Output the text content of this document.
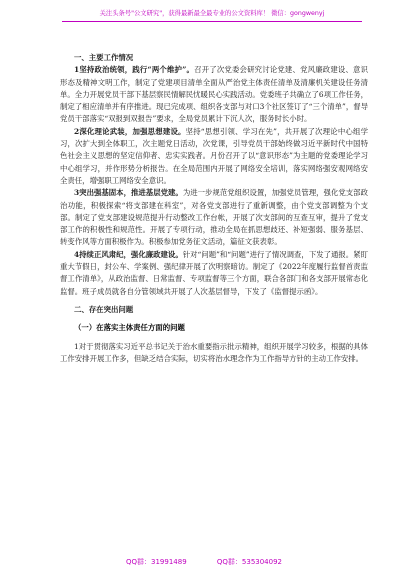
关注头条号"公文研究"，获得最新最全最专业的公文资料库！ 微信：gongwenyj

一、主要工作情况

1坚持政治统领，践行“两个维护”。召开了次党委会研究讨论党建、党风廉政建设、意识形态及精神文明工作，制定了党建项目清单全面从严治党主体责任清单及清廉机关建设任务清单。全力开展党员干部下基层察民情解民忧暖民心实践活动。党委班子共确立了6项工作任务，制定了相应清单并有序推进。现已完成项、组织各支部与对口3个社区签订了“三个清单”，督导党员干部落实“双报到双报告”要求，全局党员累计下沉人次，服务时长小时。

2深化理论武装，加强思想建设。坚持“思想引领、学习在先”，共开展了次理论中心组学习，次扩大到全体职工，次主题党日活动，次党课，引导党员干部始终做习近平新时代中国特色社会主义思想的坚定信仰者、忠实实践者。月份召开了以“意识形态”为主题的党委理论学习中心组学习，并作形势分析报告。在全局范围内开展了网络安全培训，落实网络强安观网络安全责任，增强职工网络安全意识。

3突出强基固本，推进基层党建。为进一步规范党组织设置，加强党员管理，强化党支部政治功能，积极探索“将支部建在科室”，对各党支部进行了重新调整，由个党支部调整为个支部。制定了党支部建设规范提升行动整改工作台帐，开展了次支部间的互查互审，提升了党支部工作的积极性和规范性。开展了专项行动，推动全局在抓思想歧还、补短强弱、服务基层、转变作风等方面积极作为。积极参加党务征文活动，篇征文获表彰。

4持续正风肃纪，强化廉政建设。针对“问题”和“问题”进行了情况调查，下发了通报。紧盯重大节假日，封公车、学案例、强纪律开展了次明察暗访。制定了《2022年度履行监督首责监督工作清单》，从政治监督、日常监督、专项监督等三个方面，联合各部门和各支部开展常态化监督。班子成员就各自分管领域共开展了人次基层督导，下发了《监督提示函》。

二、存在突出问题

（一）在落实主体责任方面的问题

1对于贯彻落实习近平总书记关于治水重要指示批示精神，组织开展学习较多，根据的具体工作安排开展工作多，但缺乏结合实际，切实将治水理念作为工作指导方针的主动工作安排。

QQ群：31991489	QQ群：535304092
